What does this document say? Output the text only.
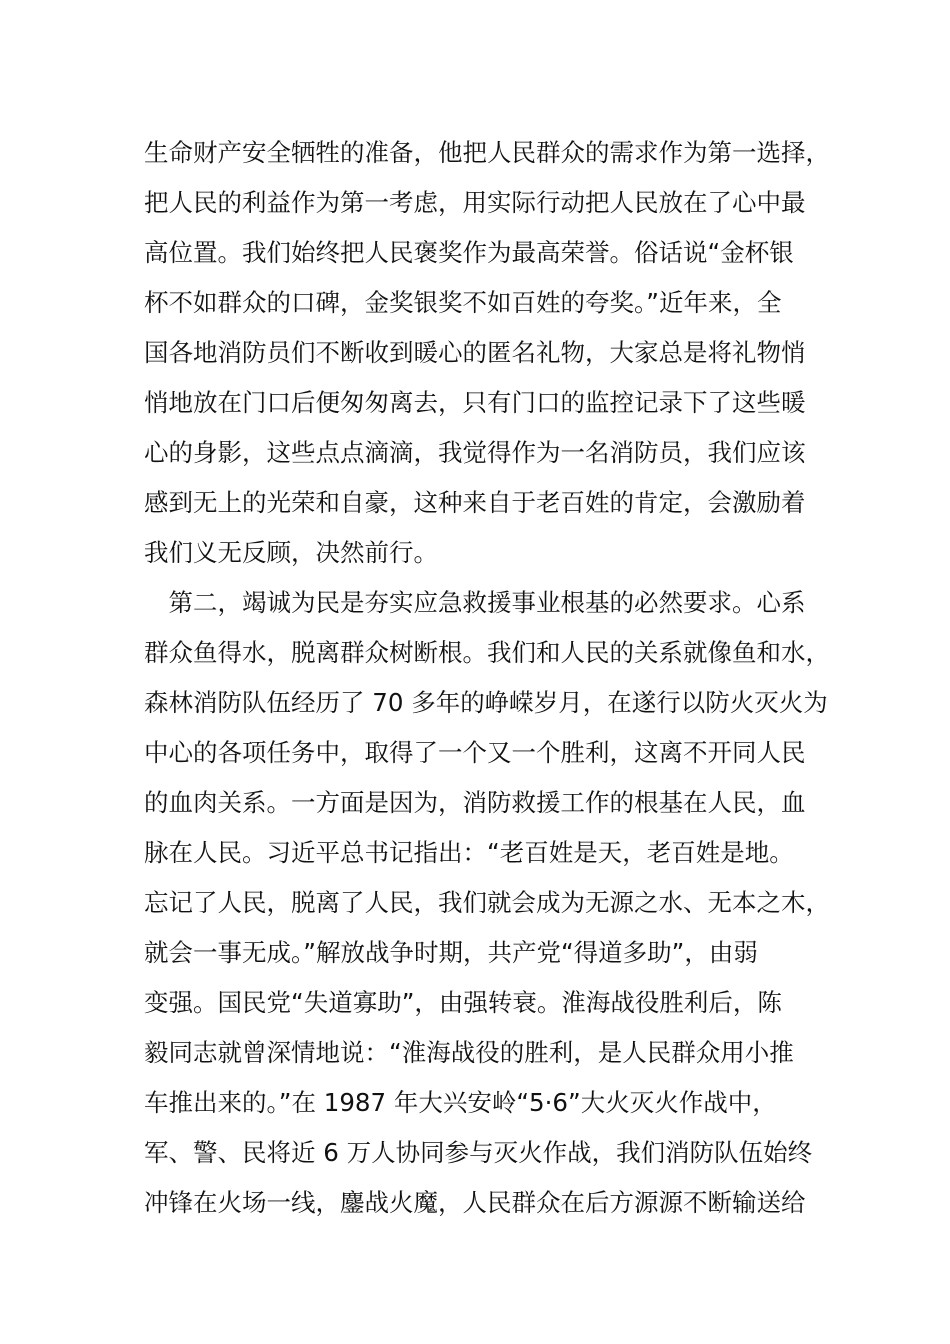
生命财产安全牺牲的准备，他把人民群众的需求作为第一选择，
把人民的利益作为第一考虑，用实际行动把人民放在了心中最
高位置。我们始终把人民褒奖作为最高荣誉。俗话说“金杯银
杯不如群众的口碑，金奖银奖不如百姓的夸奖。”近年来，全
国各地消防员们不断收到暖心的匿名礼物，大家总是将礼物悄
悄地放在门口后便匆匆离去，只有门口的监控记录下了这些暖
心的身影，这些点点滴滴，我觉得作为一名消防员，我们应该
感到无上的光荣和自豪，这种来自于老百姓的肯定，会激励着
我们义无反顾，决然前行。
　第二，竭诚为民是夯实应急救援事业根基的必然要求。心系
群众鱼得水，脱离群众树断根。我们和人民的关系就像鱼和水，
森林消防队伍经历了 70 多年的峥嵘岁月，在遂行以防火灭火为
中心的各项任务中，取得了一个又一个胜利，这离不开同人民
的血肉关系。一方面是因为，消防救援工作的根基在人民，血
脉在人民。习近平总书记指出：“老百姓是天，老百姓是地。
忘记了人民，脱离了人民，我们就会成为无源之水、无本之木，
就会一事无成。”解放战争时期，共产党“得道多助”，由弱
变强。国民党“失道寡助”，由强转衰。淮海战役胜利后，陈
毅同志就曾深情地说：“淮海战役的胜利，是人民群众用小推
车推出来的。”在 1987 年大兴安岭“5·6”大火灭火作战中，
军、警、民将近 6 万人协同参与灭火作战，我们消防队伍始终
冲锋在火场一线，鏖战火魔，人民群众在后方源源不断输送给
